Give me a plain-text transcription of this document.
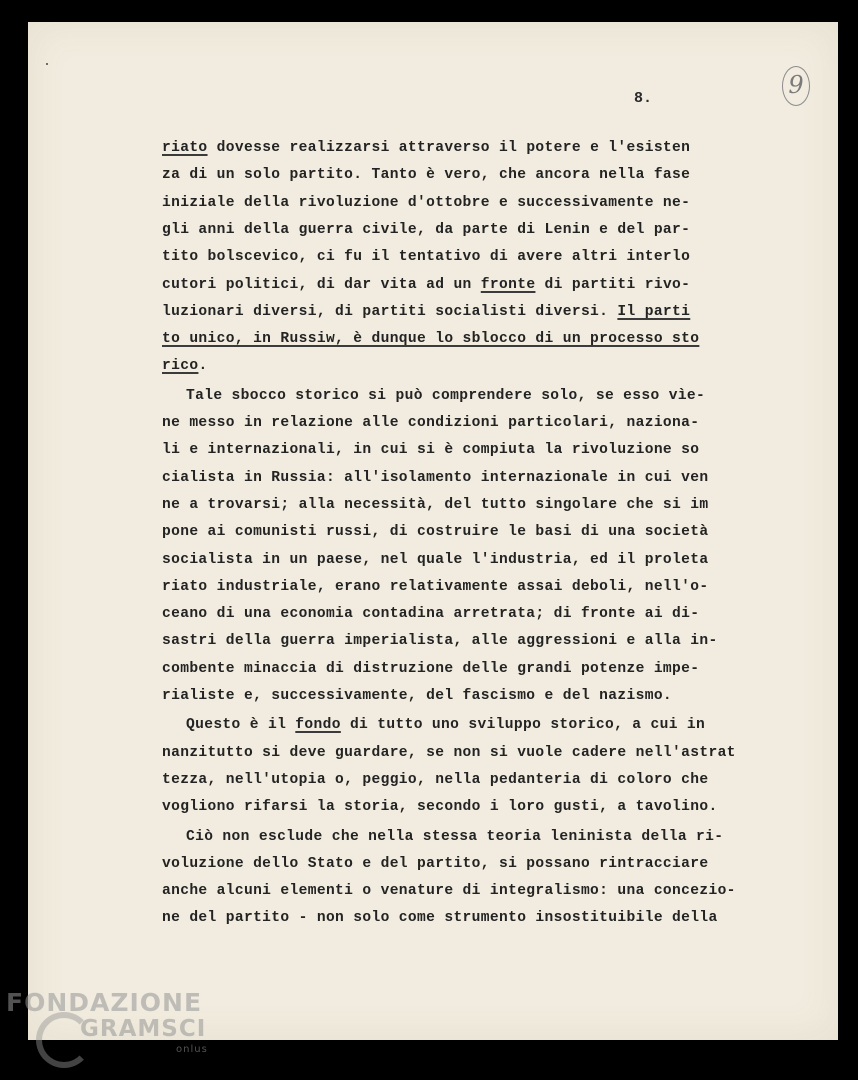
8.	9
riato dovesse realizzarsi attraverso il potere e l'esisten
za di un solo partito. Tanto è vero, che ancora nella fase
iniziale della rivoluzione d'ottobre e successivamente ne-
gli anni della guerra civile, da parte di Lenin e del par-
tito bolscevico, ci fu il tentativo di avere altri interlo
cutori politici, di dar vita ad un fronte di partiti rivo-
luzionari diversi, di partiti socialisti diversi. Il parti
to unico, in Russiw, è dunque lo sblocco di un processo sto
rico.
Tale sbocco storico si può comprendere solo, se esso vìe-
ne messo in relazione alle condizioni particolari, naziona-
li e internazionali, in cui si è compiuta la rivoluzione so
cialista in Russia: all'isolamento internazionale in cui ven
ne a trovarsi; alla necessità, del tutto singolare che si im
pone ai comunisti russi, di costruire le basi di una società
socialista in un paese, nel quale l'industria, ed il proleta
riato industriale, erano relativamente assai deboli, nell'o-
ceano di una economia contadina arretrata; di fronte ai di-
sastri della guerra imperialista, alle aggressioni e alla in-
combente minaccia di distruzione delle grandi potenze impe-
rialiste e, successivamente, del fascismo e del nazismo.
Questo è il fondo di tutto uno sviluppo storico, a cui in
nanzitutto si deve guardare, se non si vuole cadere nell'astrat
tezza, nell'utopia o, peggio, nella pedanteria di coloro che
vogliono rifarsi la storia, secondo i loro gusti, a tavolino.
Ciò non esclude che nella stessa teoria leninista della ri-
voluzione dello Stato e del partito, si possano rintracciare
anche alcuni elementi o venature di integralismo: una concezio-
ne del partito - non solo come strumento insostituibile della
FONDAZIONE
GRAMSCI
onlus
